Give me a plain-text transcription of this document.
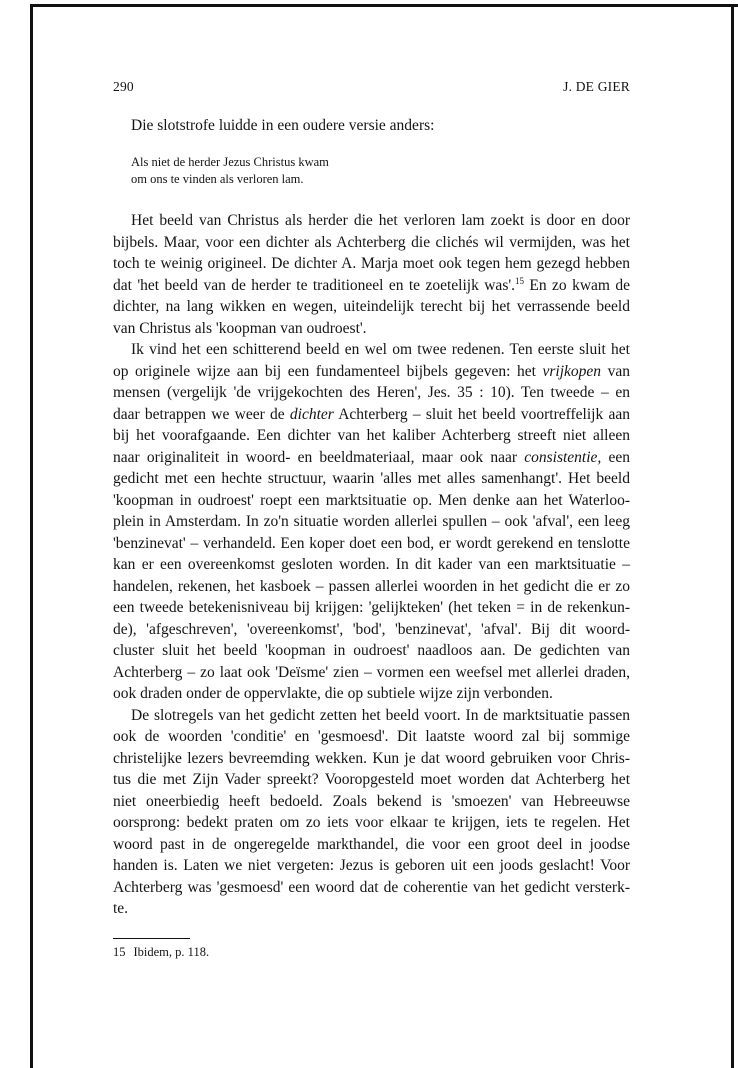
290	J. DE GIER
Die slotstrofe luidde in een oudere versie anders:
Als niet de herder Jezus Christus kwam
om ons te vinden als verloren lam.
Het beeld van Christus als herder die het verloren lam zoekt is door en door
bijbels. Maar, voor een dichter als Achterberg die clichés wil vermijden, was het
toch te weinig origineel. De dichter A. Marja moet ook tegen hem gezegd hebben
dat 'het beeld van de herder te traditioneel en te zoetelijk was'.$^{15}$ En zo kwam de
dichter, na lang wikken en wegen, uiteindelijk terecht bij het verrassende beeld
van Christus als 'koopman van oudroest'.
Ik vind het een schitterend beeld en wel om twee redenen. Ten eerste sluit het
op originele wijze aan bij een fundamenteel bijbels gegeven: het vrijkopen van
mensen (vergelijk 'de vrijgekochten des Heren', Jes. 35 : 10). Ten tweede – en
daar betrappen we weer de dichter Achterberg – sluit het beeld voortreffelijk aan
bij het voorafgaande. Een dichter van het kaliber Achterberg streeft niet alleen
naar originaliteit in woord- en beeldmateriaal, maar ook naar consistentie, een
gedicht met een hechte structuur, waarin 'alles met alles samenhangt'. Het beeld
'koopman in oudroest' roept een marktsituatie op. Men denke aan het Waterloo-
plein in Amsterdam. In zo'n situatie worden allerlei spullen – ook 'afval', een leeg
'benzinevat' – verhandeld. Een koper doet een bod, er wordt gerekend en tenslotte
kan er een overeenkomst gesloten worden. In dit kader van een marktsituatie –
handelen, rekenen, het kasboek – passen allerlei woorden in het gedicht die er zo
een tweede betekenisniveau bij krijgen: 'gelijkteken' (het teken = in de rekenkun-
de), 'afgeschreven', 'overeenkomst', 'bod', 'benzinevat', 'afval'. Bij dit woord-
cluster sluit het beeld 'koopman in oudroest' naadloos aan. De gedichten van
Achterberg – zo laat ook 'Deïsme' zien – vormen een weefsel met allerlei draden,
ook draden onder de oppervlakte, die op subtiele wijze zijn verbonden.
De slotregels van het gedicht zetten het beeld voort. In de marktsituatie passen
ook de woorden 'conditie' en 'gesmoesd'. Dit laatste woord zal bij sommige
christelijke lezers bevreemding wekken. Kun je dat woord gebruiken voor Chris-
tus die met Zijn Vader spreekt? Vooropgesteld moet worden dat Achterberg het
niet oneerbiedig heeft bedoeld. Zoals bekend is 'smoezen' van Hebreeuwse
oorsprong: bedekt praten om zo iets voor elkaar te krijgen, iets te regelen. Het
woord past in de ongeregelde markthandel, die voor een groot deel in joodse
handen is. Laten we niet vergeten: Jezus is geboren uit een joods geslacht! Voor
Achterberg was 'gesmoesd' een woord dat de coherentie van het gedicht versterk-
te.
15 Ibidem, p. 118.
